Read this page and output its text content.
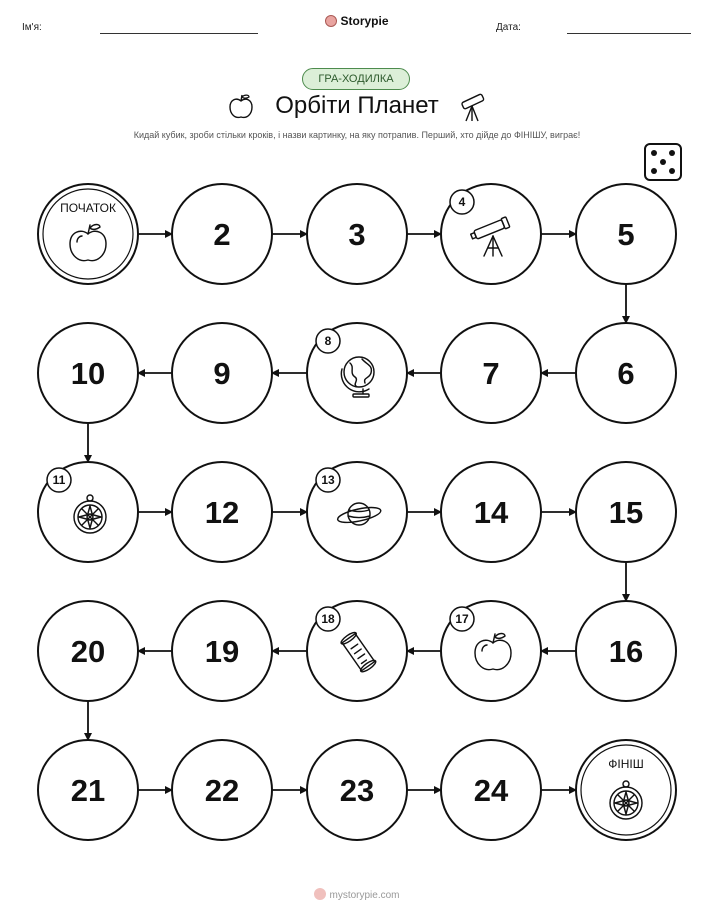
Ім'я:	Storypie	Дата:
ГРА-ХОДИЛКА
Орбіти Планет
Кидай кубик, зроби стільки кроків, і назви картинку, на яку потрапив. Перший, хто дійде до ФІНІШУ, виграє!
ПОЧАТОК
2	3
4
5
10	9
8
7	6
11
12
13
14	15
20	19
18	17
16
21	22	23	24
ФІНІШ
mystorypie.com
